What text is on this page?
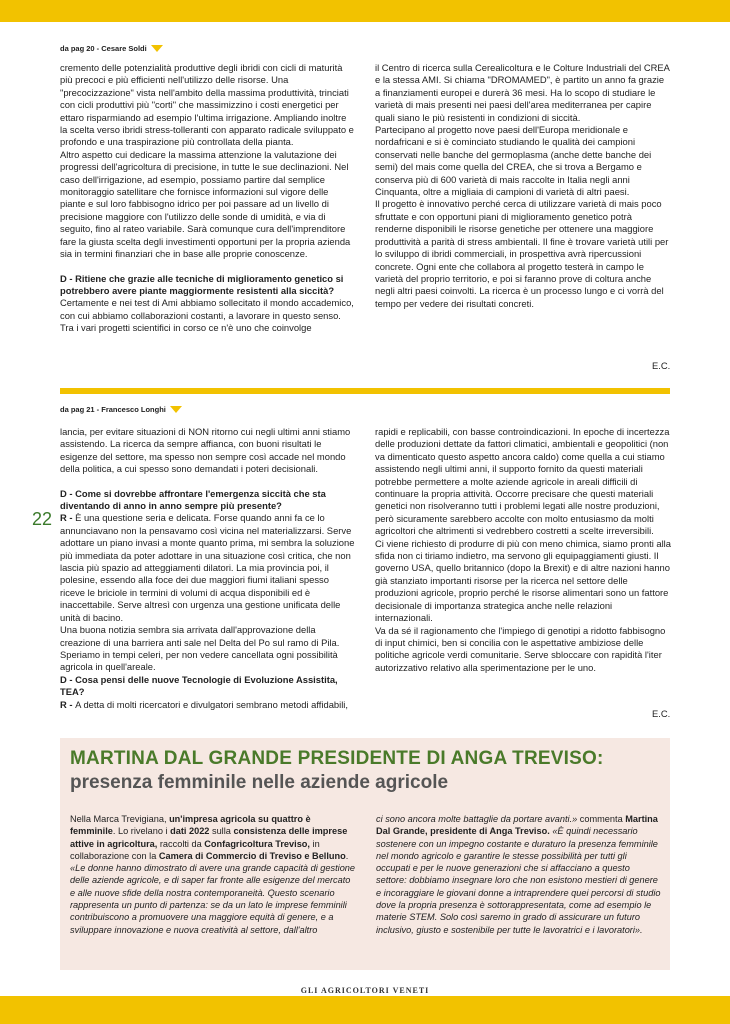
da pag 20 - Cesare Soldi

cremento delle potenzialità produttive degli ibridi con cicli di maturità più precoci e più efficienti nell'utilizzo delle risorse. Una "precocizzazione" vista nell'ambito della massima produttività, trinciati con cicli produttivi più "corti" che massimizzino i costi energetici per ettaro risparmiando ad esempio l'ultima irrigazione. Ampliando inoltre la scelta verso ibridi stress-tolleranti con apparato radicale sviluppato e profondo e una traspirazione più controllata della pianta.

Altro aspetto cui dedicare la massima attenzione la valutazione dei progressi dell'agricoltura di precisione, in tutte le sue declinazioni. Nel caso dell'irrigazione, ad esempio, possiamo partire dal semplice monitoraggio satellitare che fornisce informazioni sul vigore delle piante e sul loro fabbisogno idrico per poi passare ad un livello di precisione maggiore con l'utilizzo delle sonde di umidità, e via di seguito, fino al rateo variabile. Sarà comunque cura dell'imprenditore fare la giusta scelta degli investimenti opportuni per la propria azienda sia in termini finanziari che in base alle proprie conoscenze.

D - Ritiene che grazie alle tecniche di miglioramento genetico si potrebbero avere piante maggiormente resistenti alla siccità?

Certamente e nei test di Ami abbiamo sollecitato il mondo accademico, con cui abbiamo collaborazioni costanti, a lavorare in questo senso. Tra i vari progetti scientifici in corso ce n'è uno che coinvolge

il Centro di ricerca sulla Cerealicoltura e le Colture Industriali del CREA e la stessa AMI. Si chiama "DROMAMED", è partito un anno fa grazie a finanziamenti europei e durerà 36 mesi. Ha lo scopo di studiare le varietà di mais presenti nei paesi dell'area mediterranea per capire quali siano le più resistenti in condizioni di siccità.

Partecipano al progetto nove paesi dell'Europa meridionale e nordafricani e si è cominciato studiando le qualità dei campioni conservati nelle banche del germoplasma (anche dette banche dei semi) del mais come quella del CREA, che si trova a Bergamo e conserva più di 600 varietà di mais raccolte in Italia negli anni Cinquanta, oltre a migliaia di campioni di varietà di altri paesi.

Il progetto è innovativo perché cerca di utilizzare varietà di mais poco sfruttate e con opportuni piani di miglioramento genetico potrà renderne disponibili le risorse genetiche per ottenere una maggiore produttività a parità di stress ambientali. Il fine è trovare varietà utili per lo sviluppo di ibridi commerciali, in prospettiva avrà ripercussioni concrete. Ogni ente che collabora al progetto testerà in campo le varietà del proprio territorio, e poi si faranno prove di coltura anche negli altri paesi coinvolti. La ricerca è un processo lungo e ci vorrà del tempo per vedere dei risultati concreti.

E.C.
da pag 21 - Francesco Longhi
22

lancia, per evitare situazioni di NON ritorno cui negli ultimi anni stiamo assistendo. La ricerca da sempre affianca, con buoni risultati le esigenze del settore, ma spesso non sempre così accade nel mondo della politica, a cui spesso sono demandati i poteri decisionali.

D - Come si dovrebbe affrontare l'emergenza siccità che sta diventando di anno in anno sempre più presente?

R - È una questione seria e delicata. Forse quando anni fa ce lo annunciavano non la pensavamo così vicina nel materializzarsi. Serve adottare un piano invasi a monte quanto prima, mi sembra la soluzione più immediata da poter adottare in una situazione così critica, che non lascia più spazio ad atteggiamenti dilatori. La mia provincia poi, il polesine, essendo alla foce dei due maggiori fiumi italiani spesso riceve le briciole in termini di volumi di acqua disponibili ed è inaccettabile. Serve altresì con urgenza una gestione unificata delle unità di bacino.

Una buona notizia sembra sia arrivata dall'approvazione della creazione di una barriera anti sale nel Delta del Po sul ramo di Pila. Speriamo in tempi celeri, per non vedere cancellata ogni possibilità agricola in quell'areale.

D - Cosa pensi delle nuove Tecnologie di Evoluzione Assistita, TEA?

R - A detta di molti ricercatori e divulgatori sembrano metodi affidabili,

rapidi e replicabili, con basse controindicazioni. In epoche di incertezza delle produzioni dettate da fattori climatici, ambientali e geopolitici (non va dimenticato questo aspetto ancora caldo) come quella a cui stiamo assistendo negli ultimi anni, il supporto fornito da questi materiali potrebbe permettere a molte aziende agricole in areali difficili di continuare la propria attività. Occorre precisare che questi materiali genetici non risolveranno tutti i problemi legati alle nostre produzioni, però sicuramente sarebbero accolte con molto entusiasmo da molti agricoltori che altrimenti si vedrebbero costretti a scelte irreversibili.

Ci viene richiesto di produrre di più con meno chimica, siamo pronti alla sfida non ci tiriamo indietro, ma servono gli equipaggiamenti giusti. Il governo USA, quello britannico (dopo la Brexit) e di altre nazioni hanno già stanziato importanti risorse per la ricerca nel settore delle produzioni agricole, proprio perché le risorse alimentari sono un fattore decisionale di importanza strategica anche nelle relazioni internazionali.

Va da sé il ragionamento che l'impiego di genotipi a ridotto fabbisogno di input chimici, ben si concilia con le aspettative ambiziose delle politiche agricole verdi comunitarie. Serve sbloccare con rapidità l'iter autorizzativo relativo alla sperimentazione per le uno.

E.C.
MARTINA DAL GRANDE PRESIDENTE DI ANGA TREVISO:
presenza femminile nelle aziende agricole

Nella Marca Trevigiana, un'impresa agricola su quattro è femminile. Lo rivelano i dati 2022 sulla consistenza delle imprese attive in agricoltura, raccolti da Confagricoltura Treviso, in collaborazione con la Camera di Commercio di Treviso e Belluno.

«Le donne hanno dimostrato di avere una grande capacità di gestione delle aziende agricole, e di saper far fronte alle esigenze del mercato e alle nuove sfide della nostra contemporaneità. Questo scenario rappresenta un punto di partenza: se da un lato le imprese femminili contribuiscono a promuovere una maggiore equità di genere, e a sviluppare innovazione e nuova creatività al settore, dall'altro

ci sono ancora molte battaglie da portare avanti.» commenta Martina Dal Grande, presidente di Anga Treviso. «È quindi necessario sostenere con un impegno costante e duraturo la presenza femminile nel mondo agricolo e garantire le stesse possibilità per tutti gli occupati e per le nuove generazioni che si affacciano a questo settore: dobbiamo insegnare loro che non esistono mestieri di genere e incoraggiare le giovani donne a intraprendere quei percorsi di studio dove la propria presenza è sottorappresentata, come ad esempio le materie STEM. Solo così saremo in grado di assicurare un futuro inclusivo, giusto e sostenibile per tutte le lavoratrici e i lavoratori».

GLI AGRICOLTORI VENETI
